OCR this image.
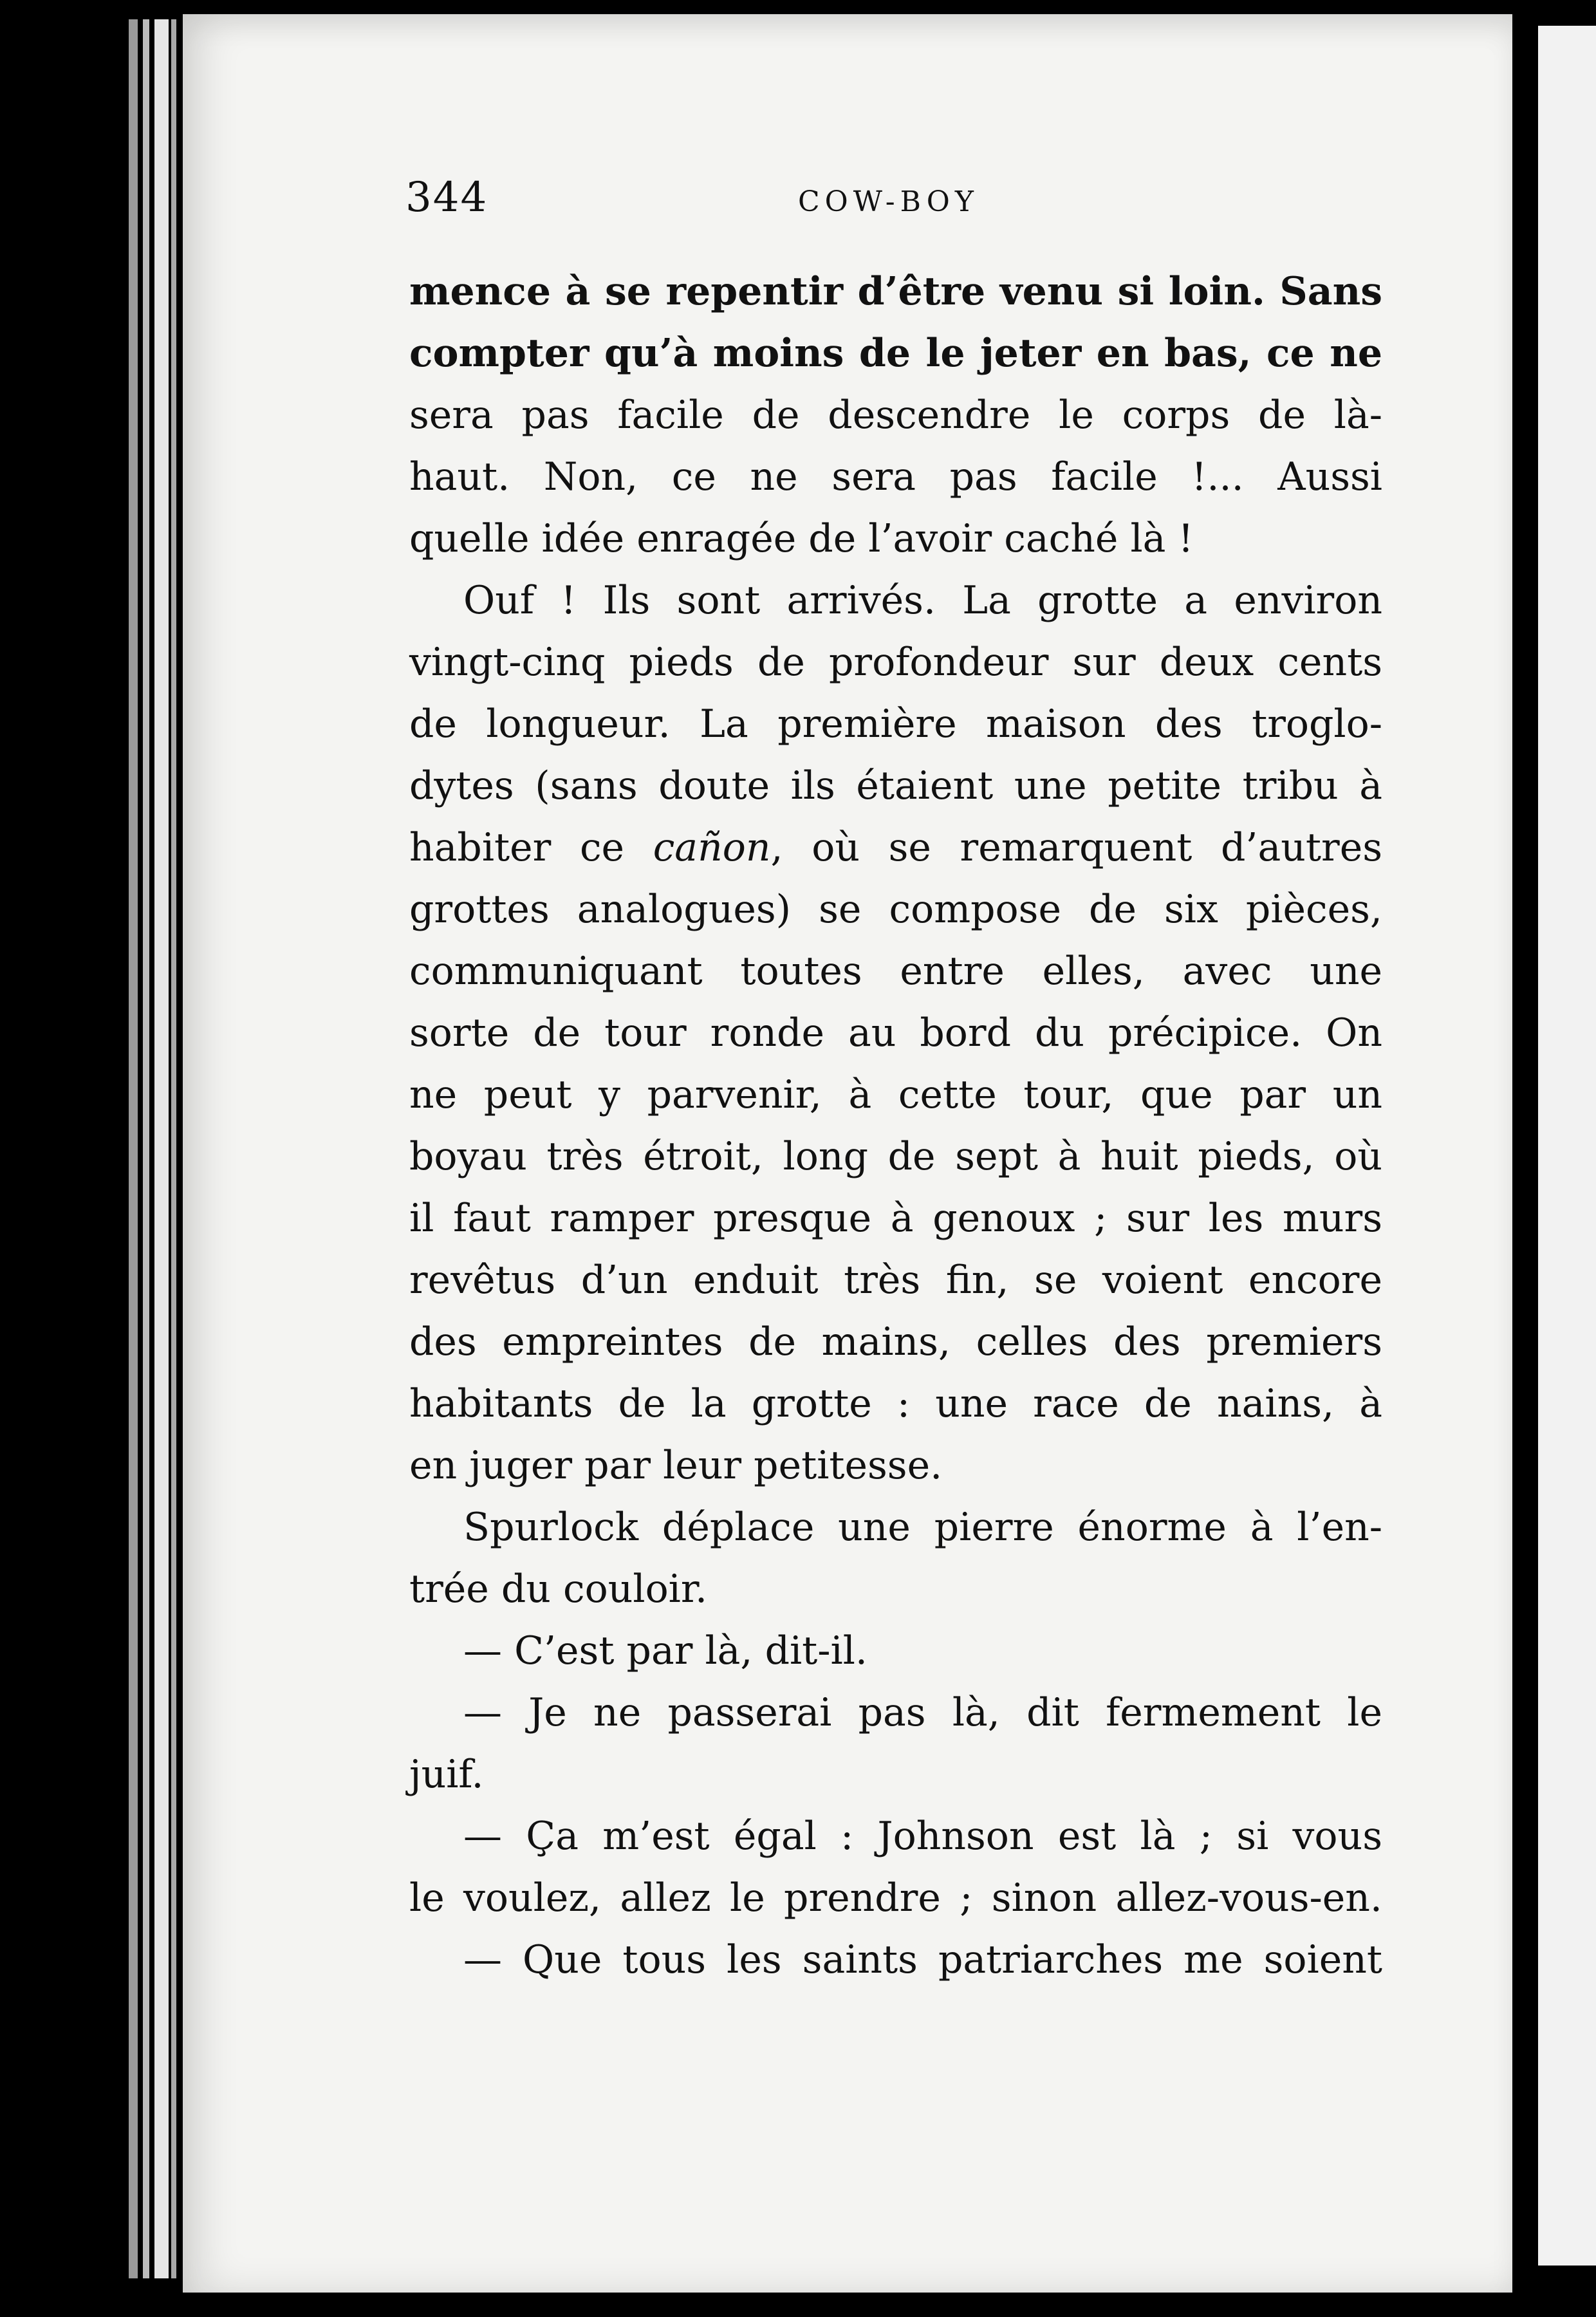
344	COW-BOY
mence à se repentir d’être venu si loin. Sans
compter qu’à moins de le jeter en bas, ce ne
sera pas facile de descendre le corps de là-
haut. Non, ce ne sera pas facile !... Aussi
quelle idée enragée de l’avoir caché là !
Ouf ! Ils sont arrivés. La grotte a environ
vingt-cinq pieds de profondeur sur deux cents
de longueur. La première maison des troglo-
dytes (sans doute ils étaient une petite tribu à
habiter ce cañon, où se remarquent d’autres
grottes analogues) se compose de six pièces,
communiquant toutes entre elles, avec une
sorte de tour ronde au bord du précipice. On
ne peut y parvenir, à cette tour, que par un
boyau très étroit, long de sept à huit pieds, où
il faut ramper presque à genoux ; sur les murs
revêtus d’un enduit très fin, se voient encore
des empreintes de mains, celles des premiers
habitants de la grotte : une race de nains, à
en juger par leur petitesse.
Spurlock déplace une pierre énorme à l’en-
trée du couloir.
— C’est par là, dit-il.
— Je ne passerai pas là, dit fermement le
juif.
— Ça m’est égal : Johnson est là ; si vous
le voulez, allez le prendre ; sinon allez-vous-en.
— Que tous les saints patriarches me soient
